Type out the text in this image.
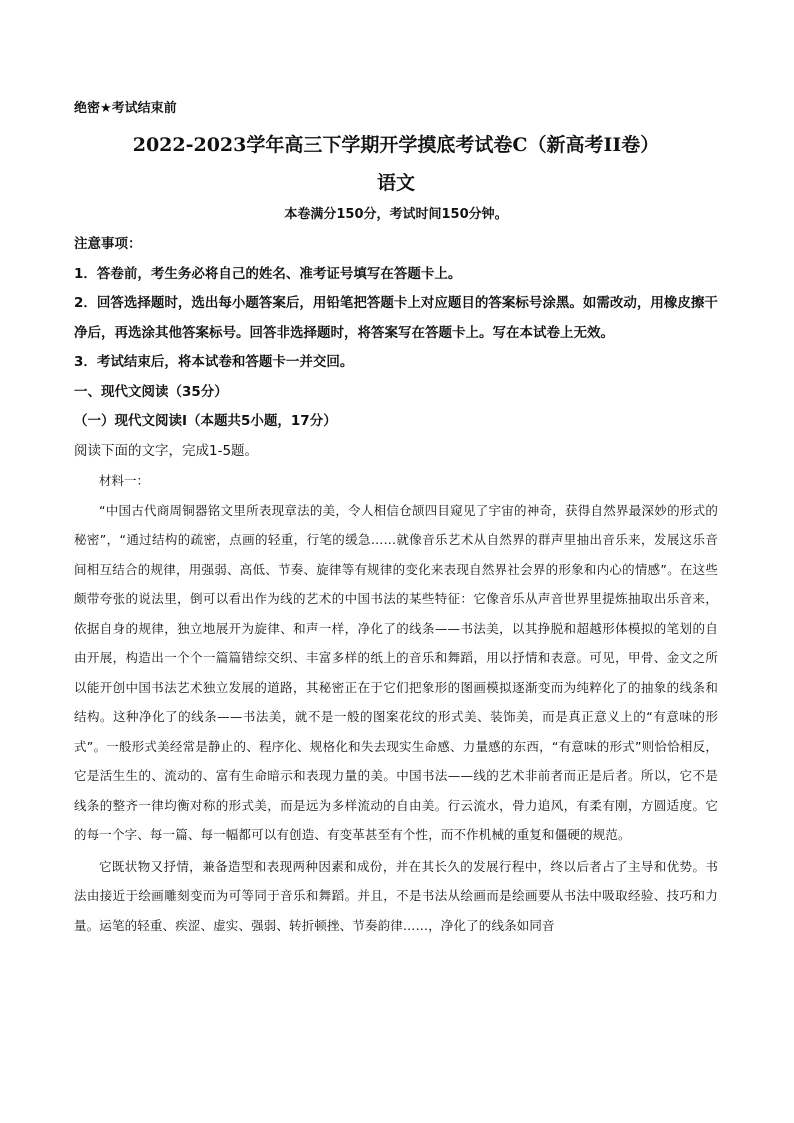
绝密★考试结束前
2022-2023学年高三下学期开学摸底考试卷C（新高考II卷）
语文
本卷满分150分，考试时间150分钟。
注意事项：
1．答卷前，考生务必将自己的姓名、准考证号填写在答题卡上。
2．回答选择题时，选出每小题答案后，用铅笔把答题卡上对应题目的答案标号涂黑。如需改动，用橡皮擦干净后，再选涂其他答案标号。回答非选择题时，将答案写在答题卡上。写在本试卷上无效。
3．考试结束后，将本试卷和答题卡一并交回。
一、现代文阅读（35分）
（一）现代文阅读Ⅰ（本题共5小题，17分）
阅读下面的文字，完成1-5题。
材料一：

“中国古代商周铜器铭文里所表现章法的美，令人相信仓颉四目窥见了宇宙的神奇，获得自然界最深妙的形式的秘密”，“通过结构的疏密，点画的轻重，行笔的缓急……就像音乐艺术从自然界的群声里抽出音乐来，发展这乐音间相互结合的规律，用强弱、高低、节奏、旋律等有规律的变化来表现自然界社会界的形象和内心的情感”。在这些颇带夸张的说法里，倒可以看出作为线的艺术的中国书法的某些特征：它像音乐从声音世界里提炼抽取出乐音来，依据自身的规律，独立地展开为旋律、和声一样，净化了的线条——书法美，以其挣脱和超越形体模拟的笔划的自由开展，构造出一个个一篇篇错综交织、丰富多样的纸上的音乐和舞蹈，用以抒情和表意。可见，甲骨、金文之所以能开创中国书法艺术独立发展的道路，其秘密正在于它们把象形的图画模拟逐渐变而为纯粹化了的抽象的线条和结构。这种净化了的线条——书法美，就不是一般的图案花纹的形式美、装饰美，而是真正意义上的“有意味的形式”。一般形式美经常是静止的、程序化、规格化和失去现实生命感、力量感的东西，“有意味的形式”则恰恰相反，它是活生生的、流动的、富有生命暗示和表现力量的美。中国书法——线的艺术非前者而正是后者。所以，它不是线条的整齐一律均衡对称的形式美，而是远为多样流动的自由美。行云流水，骨力追风，有柔有刚，方圆适度。它的每一个字、每一篇、每一幅都可以有创造、有变革甚至有个性，而不作机械的重复和僵硬的规范。

它既状物又抒情，兼备造型和表现两种因素和成份，并在其长久的发展行程中，终以后者占了主导和优势。书法由接近于绘画雕刻变而为可等同于音乐和舞蹈。并且，不是书法从绘画而是绘画要从书法中吸取经验、技巧和力量。运笔的轻重、疾涩、虚实、强弱、转折顿挫、节奏韵律……，净化了的线条如同音
